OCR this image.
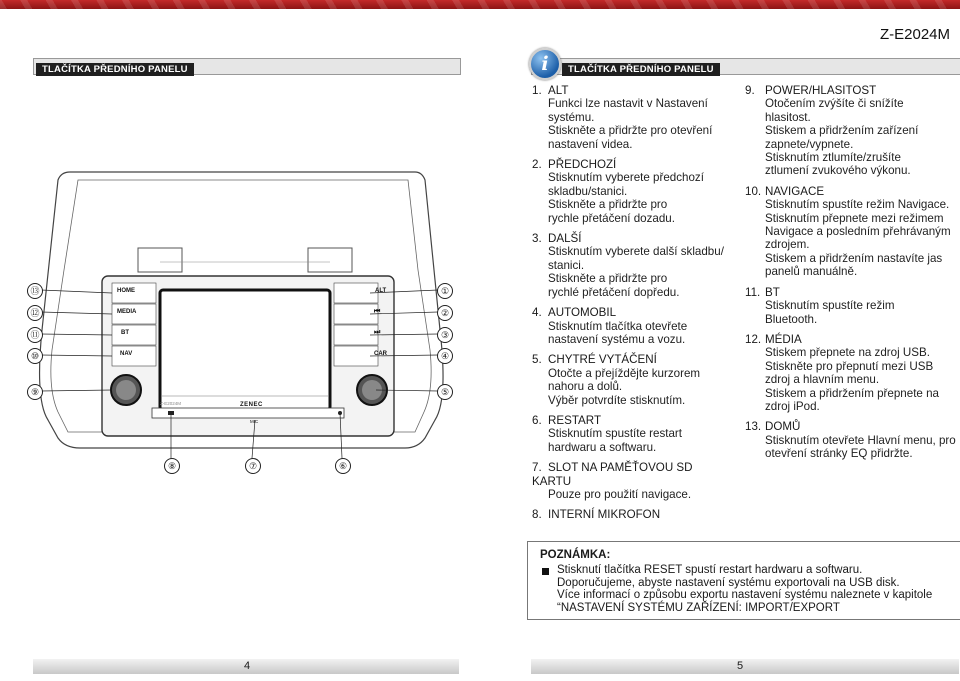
Z-E2024M
TLAČÍTKA PŘEDNÍHO PANELU	TLAČÍTKA PŘEDNÍHO PANELU
i
HOME
MEDIA
BT
NAV
ALT
⏮
⏭
CAR
ZENEC
Z-E2024M
MIC
⑬
⑫
⑪
⑩
⑨
①
②
③
④
⑤
⑧	⑦	⑥
1. ALT
Funkci lze nastavit v Nastavení
systému.
Stiskněte a přidržte pro otevření
nastavení videa.
2. PŘEDCHOZÍ
Stisknutím vyberete předchozí
skladbu/stanici.
Stiskněte a přidržte pro
rychle přetáčení dozadu.
3. DALŠÍ
Stisknutím vyberete další skladbu/
stanici.
Stiskněte a přidržte pro
rychlé přetáčení dopředu.
4. AUTOMOBIL
Stisknutím tlačítka otevřete
nastavení systému a vozu.
5. CHYTRÉ VYTÁČENÍ
Otočte a přejíždějte kurzorem
nahoru a dolů.
Výběr potvrdíte stisknutím.
6. RESTART
Stisknutím spustíte restart
hardwaru a softwaru.
7. SLOT NA PAMĚŤOVOU SD KARTU
Pouze pro použití navigace.
8. INTERNÍ MIKROFON
9. POWER/HLASITOST
Otočením zvýšíte či snížíte
hlasitost.
Stiskem a přidržením zařízení
zapnete/vypnete.
Stisknutím ztlumíte/zrušíte
ztlumení zvukového výkonu.
10. NAVIGACE
Stisknutím spustíte režim Navigace.
Stisknutím přepnete mezi režimem
Navigace a posledním přehrávaným
zdrojem.
Stiskem a přidržením nastavíte jas
panelů manuálně.
11. BT
Stisknutím spustíte režim
Bluetooth.
12. MÉDIA
Stiskem přepnete na zdroj USB.
Stiskněte pro přepnutí mezi USB
zdroj a hlavním menu.
Stiskem a přidržením přepnete na
zdroj iPod.
13. DOMŮ
Stisknutím otevřete Hlavní menu, pro
otevření stránky EQ přidržte.
POZNÁMKA:
Stisknutí tlačítka RESET spustí restart hardwaru a softwaru.
Doporučujeme, abyste nastavení systému exportovali na USB disk.
Více informací o způsobu exportu nastavení systému naleznete v kapitole
“NASTAVENÍ SYSTÉMU ZAŘÍZENÍ: IMPORT/EXPORT
4	5
